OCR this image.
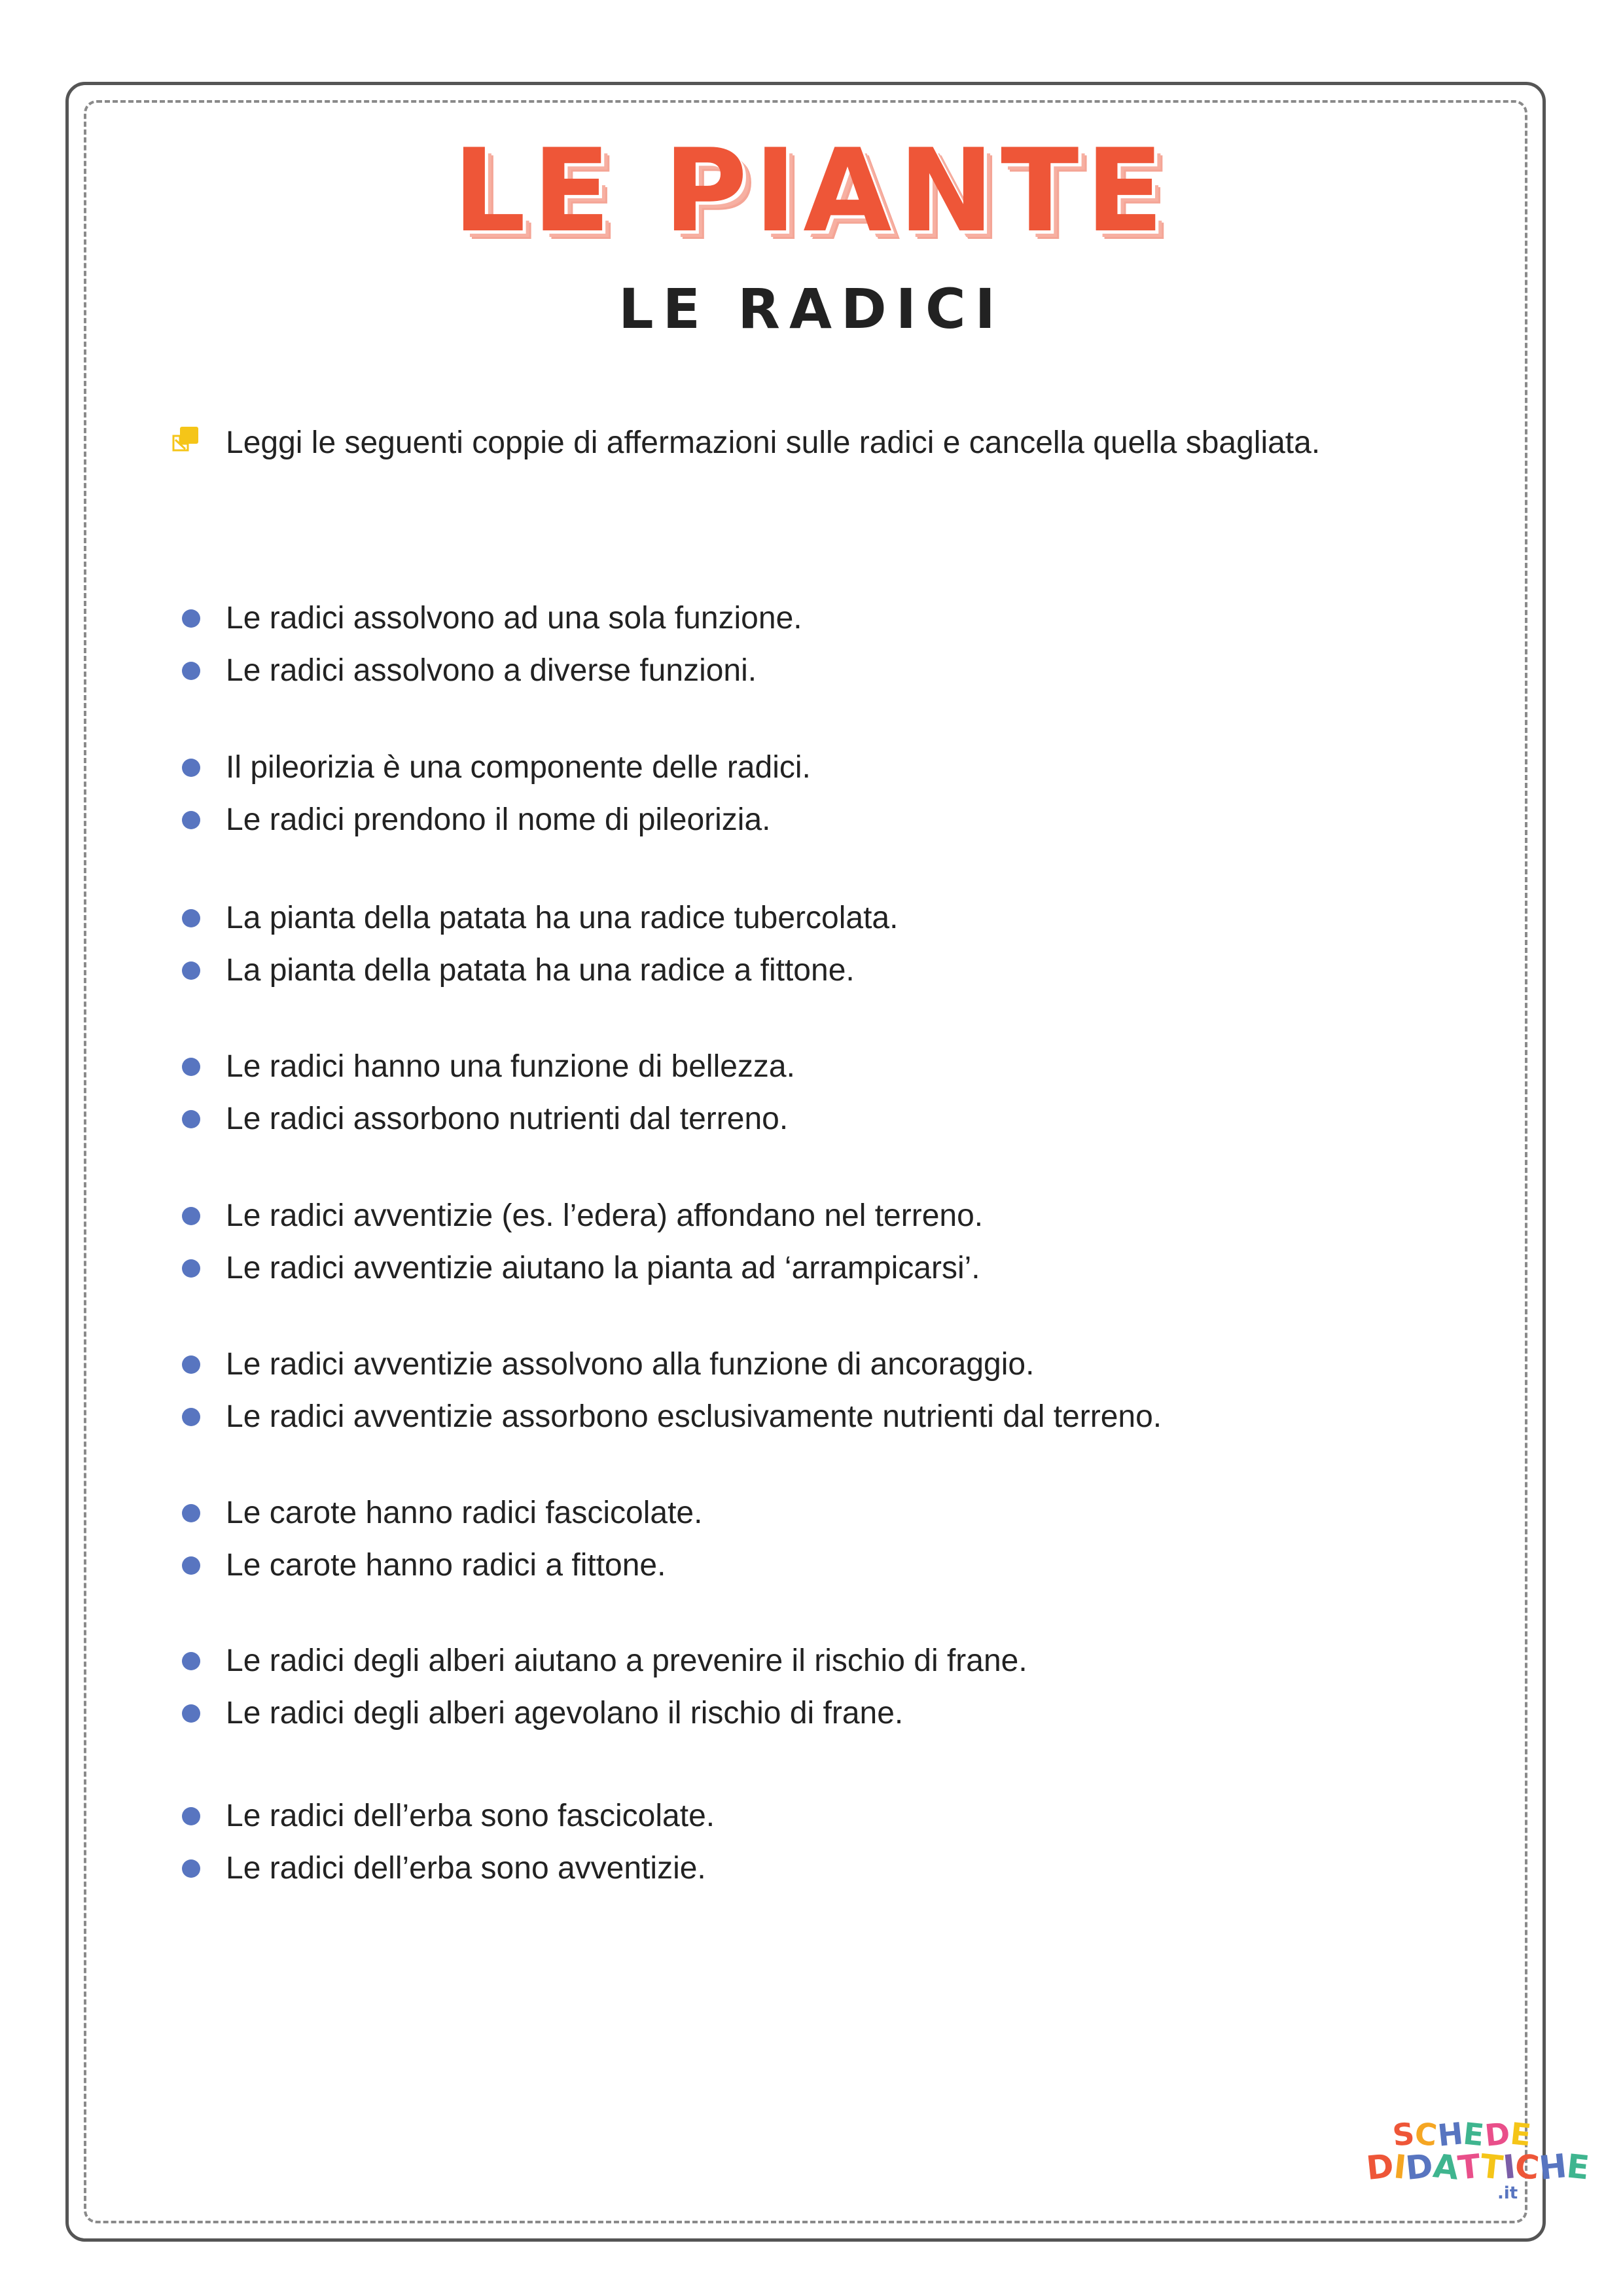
LE PIANTE
LE RADICI
Leggi le seguenti coppie di affermazioni sulle radici e cancella quella sbagliata.
Le radici assolvono ad una sola funzione.
Le radici assolvono a diverse funzioni.
Il pileorizia è una componente delle radici.
Le radici prendono il nome di pileorizia.
La pianta della patata ha una radice tubercolata.
La pianta della patata ha una radice a fittone.
Le radici hanno una funzione di bellezza.
Le radici assorbono nutrienti dal terreno.
Le radici avventizie (es. l’edera) affondano nel terreno.
Le radici avventizie aiutano la pianta ad ‘arrampicarsi’.
Le radici avventizie assolvono alla funzione di ancoraggio.
Le radici avventizie assorbono esclusivamente nutrienti dal terreno.
Le carote hanno radici fascicolate.
Le carote hanno radici a fittone.
Le radici degli alberi aiutano a prevenire il rischio di frane.
Le radici degli alberi agevolano il rischio di frane.
Le radici dell’erba sono fascicolate.
Le radici dell’erba sono avventizie.
SCHEDE
DIDATTICHE
.it
